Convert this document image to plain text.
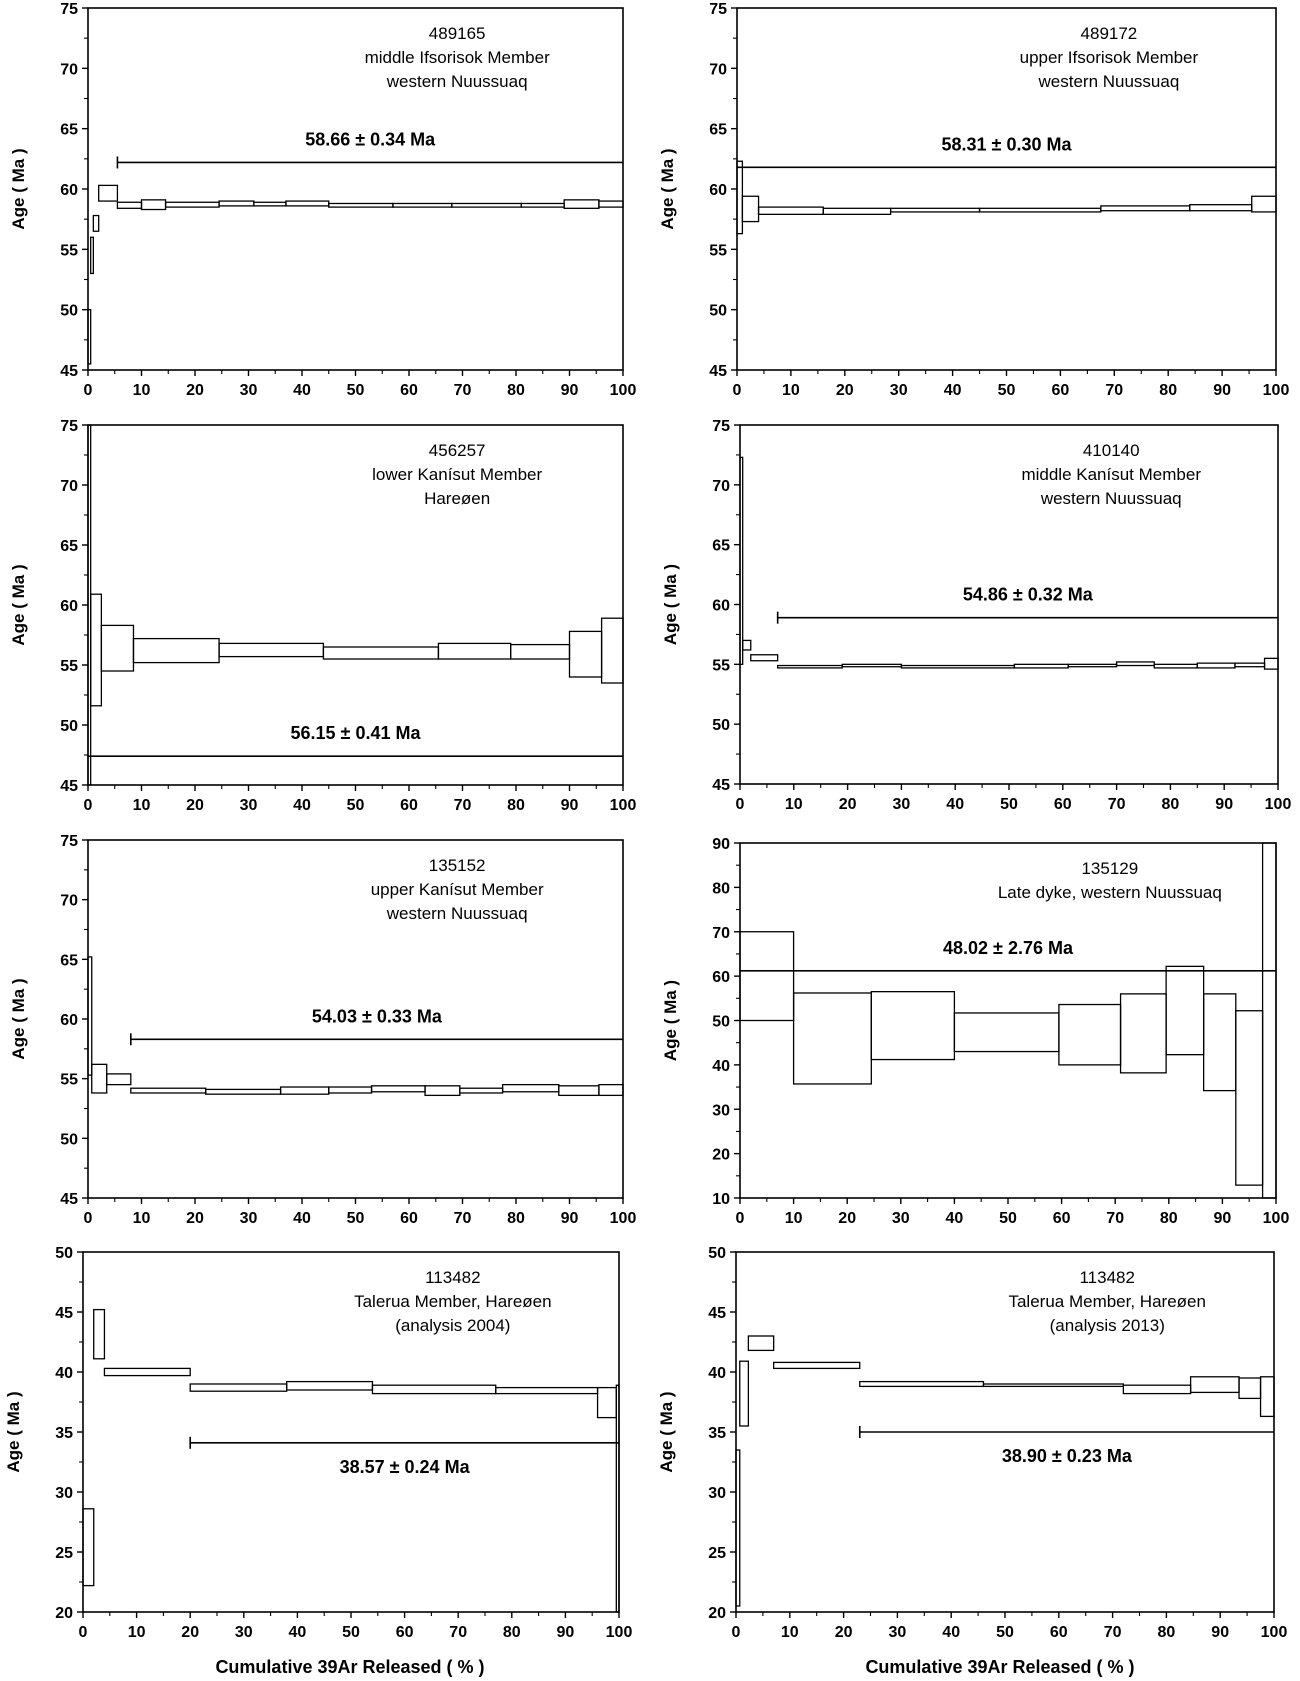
45
50
55
60
65
70
75
0	10 20 30 40 50 60 70 80 90 100
Age ( Ma )
58.66 ± 0.34 Ma
489165
middle Ifsorisok Member
western Nuussuaq
45
50
55
60
65
70
75
0	10 20 30 40 50 60 70 80 90 100
Age ( Ma )
58.31 ± 0.30 Ma
489172
upper Ifsorisok Member
western Nuussuaq
45
50
55
60
65
70
75
0	10 20 30 40 50 60 70 80 90 100
Age ( Ma )
56.15 ± 0.41 Ma
456257
lower Kanísut Member
Hareøen
45
50
55
60
65
70
75
0	10 20 30 40 50 60 70 80 90 100
Age ( Ma )	54.86 ± 0.32 Ma
410140
middle Kanísut Member
western Nuussuaq
45
50
55
60
65
70
75
0	10 20 30 40 50 60 70 80 90 100
Age ( Ma )	54.03 ± 0.33 Ma
135152
upper Kanísut Member
western Nuussuaq
10
20
30
40
50
60
70
80
90
0	10 20 30 40 50 60 70 80 90 100
Age ( Ma )
48.02 ± 2.76 Ma
135129
Late dyke, western Nuussuaq
20
25
30
35
40
45
50
0	10 20 30 40 50 60 70 80 90 100
Age ( Ma )	38.57 ± 0.24 Ma
113482
Talerua Member, Hareøen
(analysis 2004)
20
25
30
35
40
45
50
0	10 20 30 40 50 60 70 80 90 100
Age ( Ma )	38.90 ± 0.23 Ma
113482
Talerua Member, Hareøen
(analysis 2013)
Cumulative 39Ar Released ( % )	Cumulative 39Ar Released ( % )
